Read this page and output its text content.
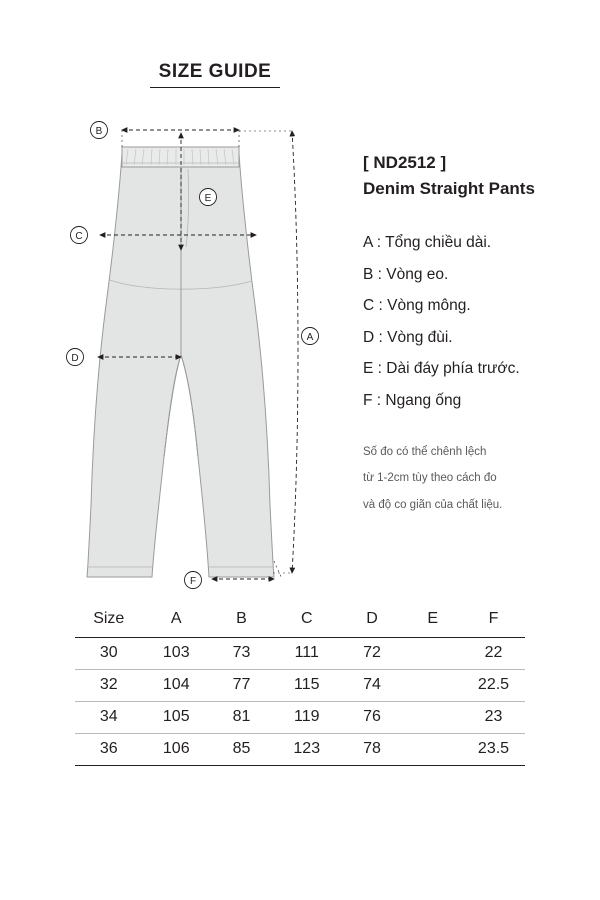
SIZE GUIDE
B
C
D
E
A
F
[ ND2512 ]
Denim Straight Pants
A : Tổng chiều dài.
B : Vòng eo.
C : Vòng mông.
D : Vòng đùi.
E : Dài đáy phía trước.
F : Ngang ống
Số đo có thể chênh lệch
từ 1-2cm tùy theo cách đo
và độ co giãn của chất liệu.
Size	A	B	C	D	E	F
30	103	73	111	72		22
32	104	77	115	74		22.5
34	105	81	119	76		23
36	106	85	123	78		23.5
